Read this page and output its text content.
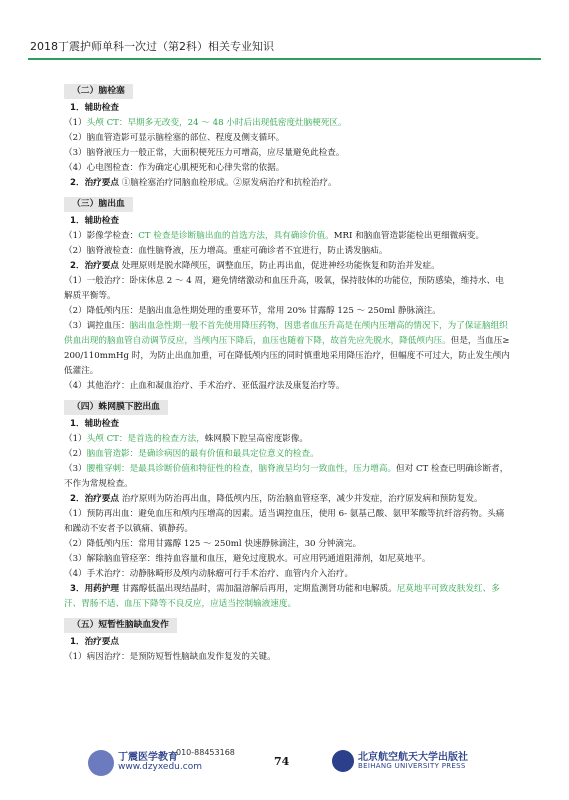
2018丁震护师单科一次过（第2科）相关专业知识
（二）脑栓塞

1．辅助检查

（1）头颅 CT：早期多无改变，24 ～ 48 小时后出现低密度灶脑梗死区。

（2）脑血管造影可显示脑栓塞的部位、程度及侧支循环。

（3）脑脊液压力一般正常，大面积梗死压力可增高，应尽量避免此检查。

（4）心电图检查：作为确定心肌梗死和心律失常的依据。

2．治疗要点 ①脑栓塞治疗同脑血栓形成。②原发病治疗和抗栓治疗。

（三）脑出血

1．辅助检查

（1）影像学检查：CT 检查是诊断脑出血的首选方法，具有确诊价值。MRI 和脑血管造影能检出更细微病变。

（2）脑脊液检查：血性脑脊液，压力增高。重症可确诊者不宜进行，防止诱发脑疝。

2．治疗要点 处理原则是脱水降颅压，调整血压，防止再出血，促进神经功能恢复和防治并发症。

（1）一般治疗：卧床休息 2 ～ 4 周，避免情绪激动和血压升高，吸氧，保持肢体的功能位，预防感染，维持水、电解质平衡等。

（2）降低颅内压：是脑出血急性期处理的重要环节，常用 20% 甘露醇 125 ～ 250ml 静脉滴注。

（3）调控血压：脑出血急性期一般不首先使用降压药物，因患者血压升高是在颅内压增高的情况下，为了保证脑组织供血出现的脑血管自动调节反应，当颅内压下降后，血压也随着下降，故首先应先脱水，降低颅内压。但是，当血压≥ 200/110mmHg 时，为防止出血加重，可在降低颅内压的同时慎重地采用降压治疗，但幅度不可过大，防止发生颅内低灌注。

（4）其他治疗：止血和凝血治疗、手术治疗、亚低温疗法及康复治疗等。

（四）蛛网膜下腔出血

1．辅助检查

（1）头颅 CT：是首选的检查方法，蛛网膜下腔呈高密度影像。

（2）脑血管造影：是确诊病因的最有价值和最具定位意义的检查。

（3）腰椎穿刺：是最具诊断价值和特征性的检查，脑脊液呈均匀一致血性，压力增高。但对 CT 检查已明确诊断者，不作为常规检查。

2．治疗要点 治疗原则为防治再出血，降低颅内压，防治脑血管痉挛，减少并发症，治疗原发病和预防复发。

（1）预防再出血：避免血压和颅内压增高的因素。适当调控血压，使用 6- 氨基己酸、氨甲苯酸等抗纤溶药物。头痛和躁动不安者予以镇痛、镇静药。

（2）降低颅内压：常用甘露醇 125 ～ 250ml 快速静脉滴注，30 分钟滴完。

（3）解除脑血管痉挛：维持血容量和血压，避免过度脱水。可应用钙通道阻滞剂，如尼莫地平。

（4）手术治疗：动静脉畸形及颅内动脉瘤可行手术治疗、血管内介入治疗。

3．用药护理 甘露醇低温出现结晶时，需加温溶解后再用，定期监测肾功能和电解质。尼莫地平可致皮肤发红、多汗、胃肠不适、血压下降等不良反应，应适当控制输液速度。

（五）短暂性脑缺血发作

1．治疗要点

（1）病因治疗：是预防短暂性脑缺血发作复发的关键。

丁震医学教育
010-88453168
www.dzyxedu.com	74	北京航空航天大学出版社
BEIHANG UNIVERSITY PRESS
